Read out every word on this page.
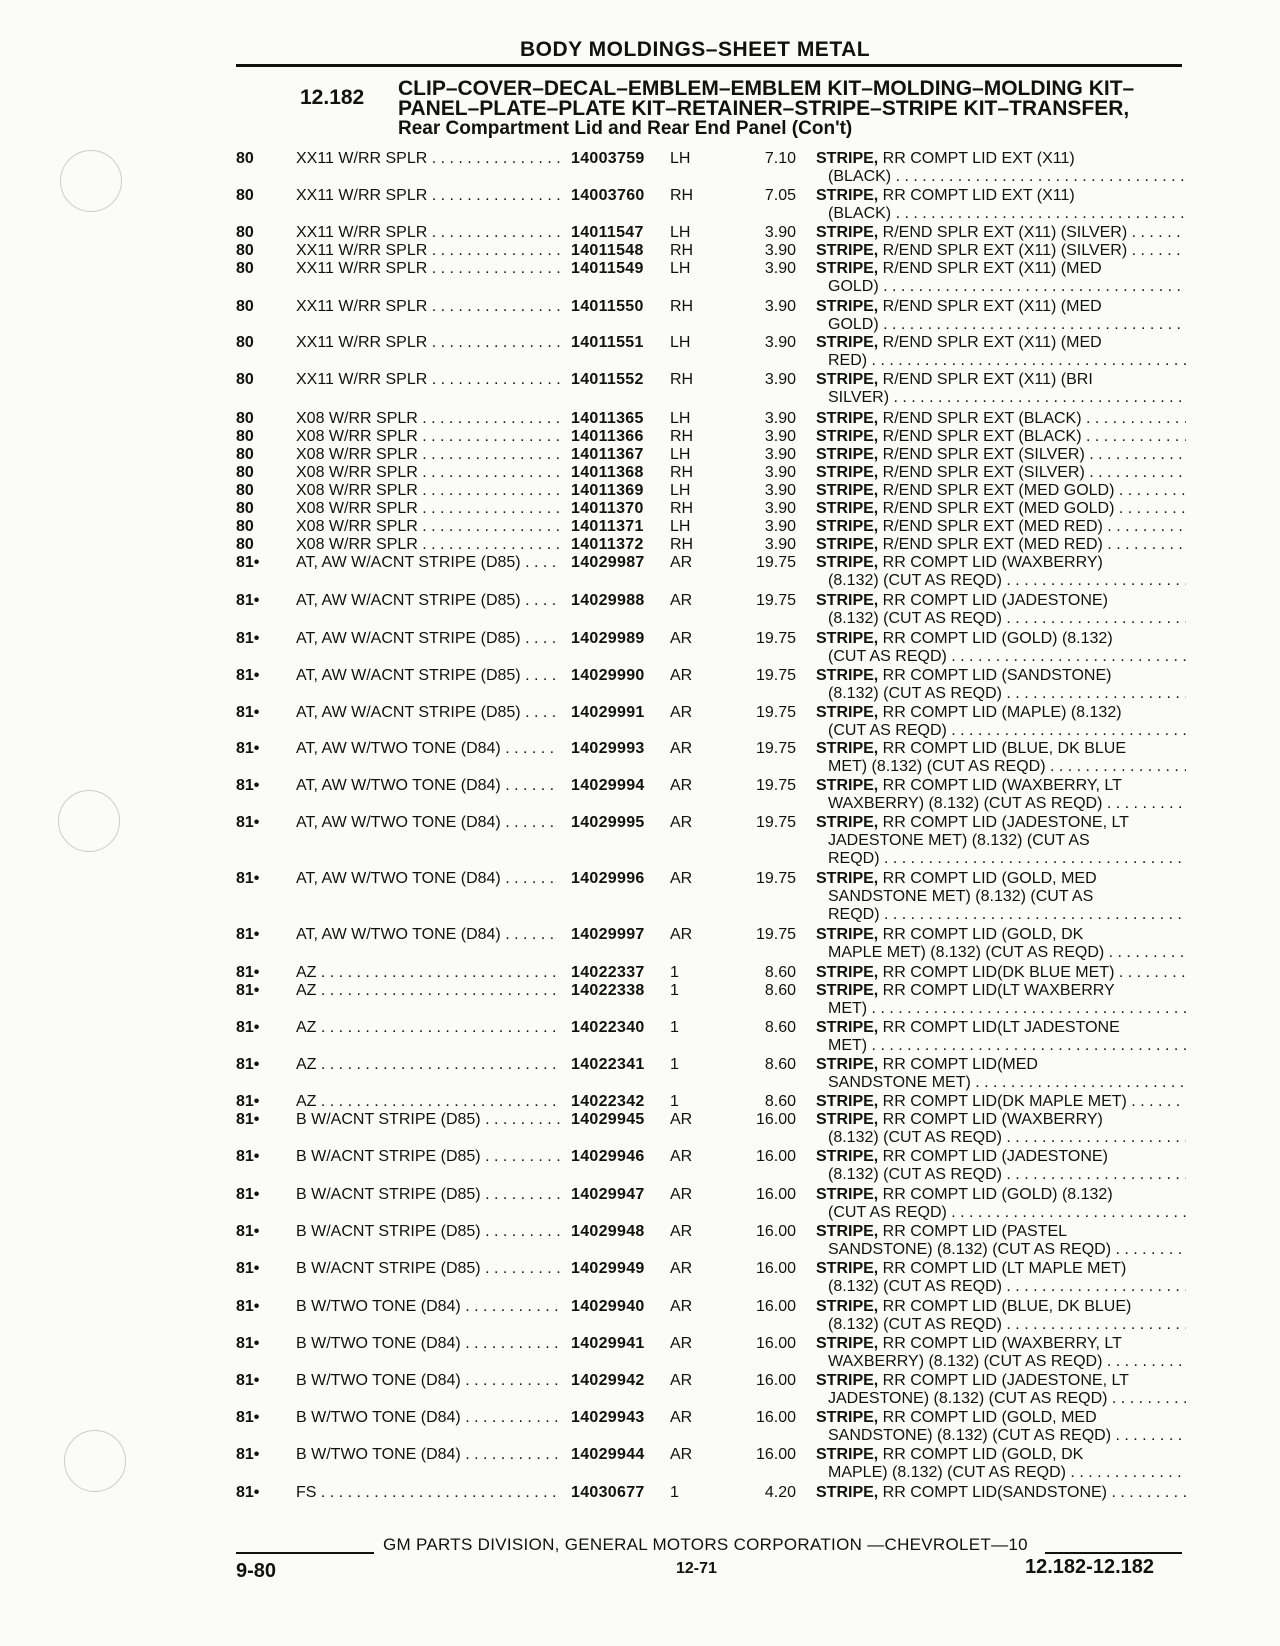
BODY MOLDINGS–SHEET METAL
12.182 CLIP–COVER–DECAL–EMBLEM–EMBLEM KIT–MOLDING–MOLDING KIT–
PANEL–PLATE–PLATE KIT–RETAINER–STRIPE–STRIPE KIT–TRANSFER,
Rear Compartment Lid and Rear End Panel (Con't)
80	XX11 W/RR SPLR . . .	14003759 LH	7.10 STRIPE, RR COMPT LID EXT (X11)
(BLACK) . . .
80	XX11 W/RR SPLR . . .	14003760 RH	7.05 STRIPE, RR COMPT LID EXT (X11)
(BLACK) . . .
80	XX11 W/RR SPLR . . .	14011547 LH	3.90 STRIPE, R/END SPLR EXT (X11) (SILVER) . . .
80	XX11 W/RR SPLR . . .	14011548 RH	3.90 STRIPE, R/END SPLR EXT (X11) (SILVER) . . .
80	XX11 W/RR SPLR . . .	14011549 LH	3.90 STRIPE, R/END SPLR EXT (X11) (MED
GOLD) . . .
80	XX11 W/RR SPLR . . .	14011550 RH	3.90 STRIPE, R/END SPLR EXT (X11) (MED
GOLD) . . .
80	XX11 W/RR SPLR . . .	14011551 LH	3.90 STRIPE, R/END SPLR EXT (X11) (MED
RED) . . .
80	XX11 W/RR SPLR . . .	14011552 RH	3.90 STRIPE, R/END SPLR EXT (X11) (BRI
SILVER) . . .
80	X08 W/RR SPLR . . .	14011365 LH	3.90 STRIPE, R/END SPLR EXT (BLACK) . . .
80	X08 W/RR SPLR . . .	14011366 RH	3.90 STRIPE, R/END SPLR EXT (BLACK) . . .
80	X08 W/RR SPLR . . .	14011367 LH	3.90 STRIPE, R/END SPLR EXT (SILVER) . . .
80	X08 W/RR SPLR . . .	14011368 RH	3.90 STRIPE, R/END SPLR EXT (SILVER) . . .
80	X08 W/RR SPLR . . .	14011369 LH	3.90 STRIPE, R/END SPLR EXT (MED GOLD) . . .
80	X08 W/RR SPLR . . .	14011370 RH	3.90 STRIPE, R/END SPLR EXT (MED GOLD) . . .
80	X08 W/RR SPLR . . .	14011371 LH	3.90 STRIPE, R/END SPLR EXT (MED RED) . . .
80	X08 W/RR SPLR . . .	14011372 RH	3.90 STRIPE, R/END SPLR EXT (MED RED) . . .
81• AT, AW W/ACNT STRIPE (D85) . . .	14029987 AR	19.75 STRIPE, RR COMPT LID (WAXBERRY)
(8.132) (CUT AS REQD) . . .
81• AT, AW W/ACNT STRIPE (D85) . . .	14029988 AR	19.75 STRIPE, RR COMPT LID (JADESTONE)
(8.132) (CUT AS REQD) . . .
81• AT, AW W/ACNT STRIPE (D85) . . .	14029989 AR	19.75 STRIPE, RR COMPT LID (GOLD) (8.132)
(CUT AS REQD) . . .
81• AT, AW W/ACNT STRIPE (D85) . . .	14029990 AR	19.75 STRIPE, RR COMPT LID (SANDSTONE)
(8.132) (CUT AS REQD) . . .
81• AT, AW W/ACNT STRIPE (D85) . . .	14029991 AR	19.75 STRIPE, RR COMPT LID (MAPLE) (8.132)
(CUT AS REQD) . . .
81• AT, AW W/TWO TONE (D84) . . .	14029993 AR	19.75 STRIPE, RR COMPT LID (BLUE, DK BLUE
MET) (8.132) (CUT AS REQD) . . .
81• AT, AW W/TWO TONE (D84) . . .	14029994 AR	19.75 STRIPE, RR COMPT LID (WAXBERRY, LT
WAXBERRY) (8.132) (CUT AS REQD) . . .
81• AT, AW W/TWO TONE (D84) . . .	14029995 AR	19.75 STRIPE, RR COMPT LID (JADESTONE, LT
JADESTONE MET) (8.132) (CUT AS
REQD) . . .
81• AT, AW W/TWO TONE (D84) . . .	14029996 AR	19.75 STRIPE, RR COMPT LID (GOLD, MED
SANDSTONE MET) (8.132) (CUT AS
REQD) . . .
81• AT, AW W/TWO TONE (D84) . . .	14029997 AR	19.75 STRIPE, RR COMPT LID (GOLD, DK
MAPLE MET) (8.132) (CUT AS REQD) . . .
81• AZ . . .	14022337 1	8.60 STRIPE, RR COMPT LID(DK BLUE MET) . . .
81• AZ . . .	14022338 1	8.60 STRIPE, RR COMPT LID(LT WAXBERRY
MET) . . .
81• AZ . . .	14022340 1	8.60 STRIPE, RR COMPT LID(LT JADESTONE
MET) . . .
81• AZ . . .	14022341 1	8.60 STRIPE, RR COMPT LID(MED
SANDSTONE MET) . . .
81• AZ . . .	14022342 1	8.60 STRIPE, RR COMPT LID(DK MAPLE MET) . . .
81• B W/ACNT STRIPE (D85) . . .	14029945 AR	16.00 STRIPE, RR COMPT LID (WAXBERRY)
(8.132) (CUT AS REQD) . . .
81• B W/ACNT STRIPE (D85) . . .	14029946 AR	16.00 STRIPE, RR COMPT LID (JADESTONE)
(8.132) (CUT AS REQD) . . .
81• B W/ACNT STRIPE (D85) . . .	14029947 AR	16.00 STRIPE, RR COMPT LID (GOLD) (8.132)
(CUT AS REQD) . . .
81• B W/ACNT STRIPE (D85) . . .	14029948 AR	16.00 STRIPE, RR COMPT LID (PASTEL
SANDSTONE) (8.132) (CUT AS REQD) . . .
81• B W/ACNT STRIPE (D85) . . .	14029949 AR	16.00 STRIPE, RR COMPT LID (LT MAPLE MET)
(8.132) (CUT AS REQD) . . .
81• B W/TWO TONE (D84) . . .	14029940 AR	16.00 STRIPE, RR COMPT LID (BLUE, DK BLUE)
(8.132) (CUT AS REQD) . . .
81• B W/TWO TONE (D84) . . .	14029941 AR	16.00 STRIPE, RR COMPT LID (WAXBERRY, LT
WAXBERRY) (8.132) (CUT AS REQD) . . .
81• B W/TWO TONE (D84) . . .	14029942 AR	16.00 STRIPE, RR COMPT LID (JADESTONE, LT
JADESTONE) (8.132) (CUT AS REQD) . . .
81• B W/TWO TONE (D84) . . .	14029943 AR	16.00 STRIPE, RR COMPT LID (GOLD, MED
SANDSTONE) (8.132) (CUT AS REQD) . . .
81• B W/TWO TONE (D84) . . .	14029944 AR	16.00 STRIPE, RR COMPT LID (GOLD, DK
MAPLE) (8.132) (CUT AS REQD) . . .
81• FS . . .	14030677 1	4.20 STRIPE, RR COMPT LID(SANDSTONE) . . .
GM PARTS DIVISION, GENERAL MOTORS CORPORATION —CHEVROLET—10
9-80	12-71	12.182-12.182
